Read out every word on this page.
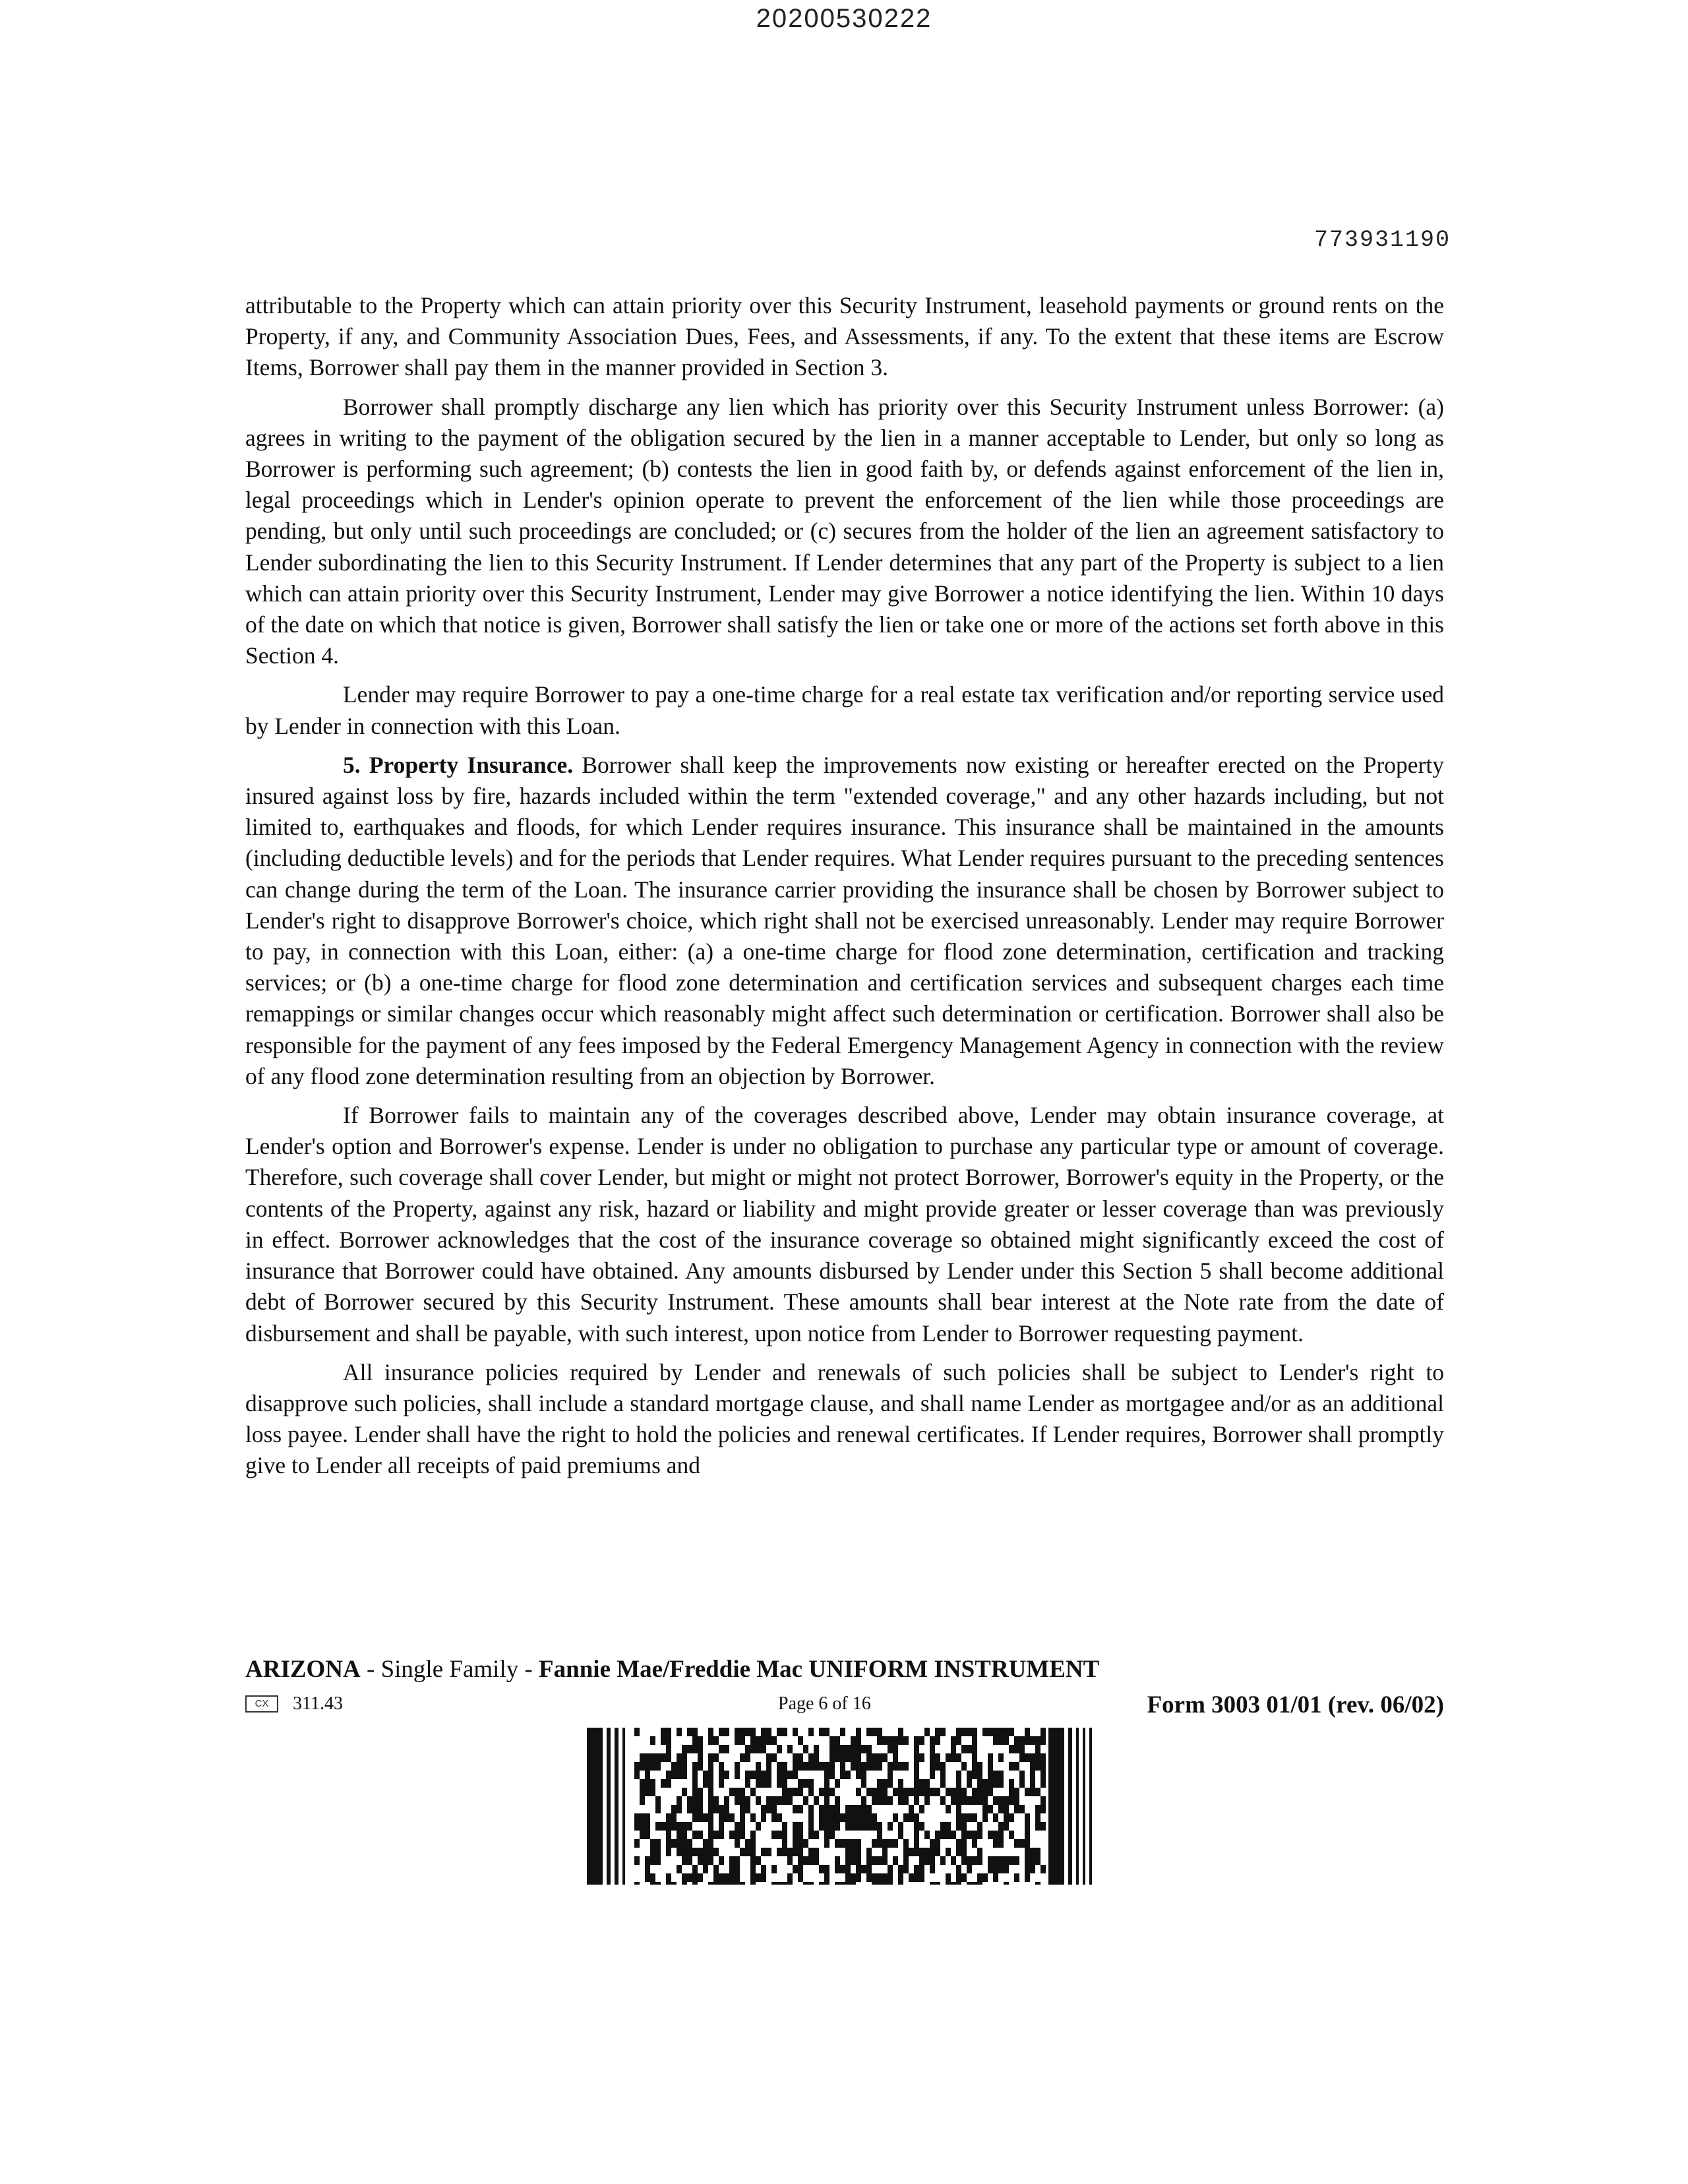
20200530222
773931190

attributable to the Property which can attain priority over this Security Instrument, leasehold payments or ground rents on the Property, if any, and Community Association Dues, Fees, and Assessments, if any. To the extent that these items are Escrow Items, Borrower shall pay them in the manner provided in Section 3.

Borrower shall promptly discharge any lien which has priority over this Security Instrument unless Borrower: (a) agrees in writing to the payment of the obligation secured by the lien in a manner acceptable to Lender, but only so long as Borrower is performing such agreement; (b) contests the lien in good faith by, or defends against enforcement of the lien in, legal proceedings which in Lender's opinion operate to prevent the enforcement of the lien while those proceedings are pending, but only until such proceedings are concluded; or (c) secures from the holder of the lien an agreement satisfactory to Lender subordinating the lien to this Security Instrument. If Lender determines that any part of the Property is subject to a lien which can attain priority over this Security Instrument, Lender may give Borrower a notice identifying the lien. Within 10 days of the date on which that notice is given, Borrower shall satisfy the lien or take one or more of the actions set forth above in this Section 4.

Lender may require Borrower to pay a one-time charge for a real estate tax verification and/or reporting service used by Lender in connection with this Loan.

5. Property Insurance. Borrower shall keep the improvements now existing or hereafter erected on the Property insured against loss by fire, hazards included within the term "extended coverage," and any other hazards including, but not limited to, earthquakes and floods, for which Lender requires insurance. This insurance shall be maintained in the amounts (including deductible levels) and for the periods that Lender requires. What Lender requires pursuant to the preceding sentences can change during the term of the Loan. The insurance carrier providing the insurance shall be chosen by Borrower subject to Lender's right to disapprove Borrower's choice, which right shall not be exercised unreasonably. Lender may require Borrower to pay, in connection with this Loan, either: (a) a one-time charge for flood zone determination, certification and tracking services; or (b) a one-time charge for flood zone determination and certification services and subsequent charges each time remappings or similar changes occur which reasonably might affect such determination or certification. Borrower shall also be responsible for the payment of any fees imposed by the Federal Emergency Management Agency in connection with the review of any flood zone determination resulting from an objection by Borrower.

If Borrower fails to maintain any of the coverages described above, Lender may obtain insurance coverage, at Lender's option and Borrower's expense. Lender is under no obligation to purchase any particular type or amount of coverage. Therefore, such coverage shall cover Lender, but might or might not protect Borrower, Borrower's equity in the Property, or the contents of the Property, against any risk, hazard or liability and might provide greater or lesser coverage than was previously in effect. Borrower acknowledges that the cost of the insurance coverage so obtained might significantly exceed the cost of insurance that Borrower could have obtained. Any amounts disbursed by Lender under this Section 5 shall become additional debt of Borrower secured by this Security Instrument. These amounts shall bear interest at the Note rate from the date of disbursement and shall be payable, with such interest, upon notice from Lender to Borrower requesting payment.

All insurance policies required by Lender and renewals of such policies shall be subject to Lender's right to disapprove such policies, shall include a standard mortgage clause, and shall name Lender as mortgagee and/or as an additional loss payee. Lender shall have the right to hold the policies and renewal certificates. If Lender requires, Borrower shall promptly give to Lender all receipts of paid premiums and

ARIZONA - Single Family - Fannie Mae/Freddie Mac UNIFORM INSTRUMENT
CX	311.43	Page 6 of 16	Form 3003 01/01 (rev. 06/02)
